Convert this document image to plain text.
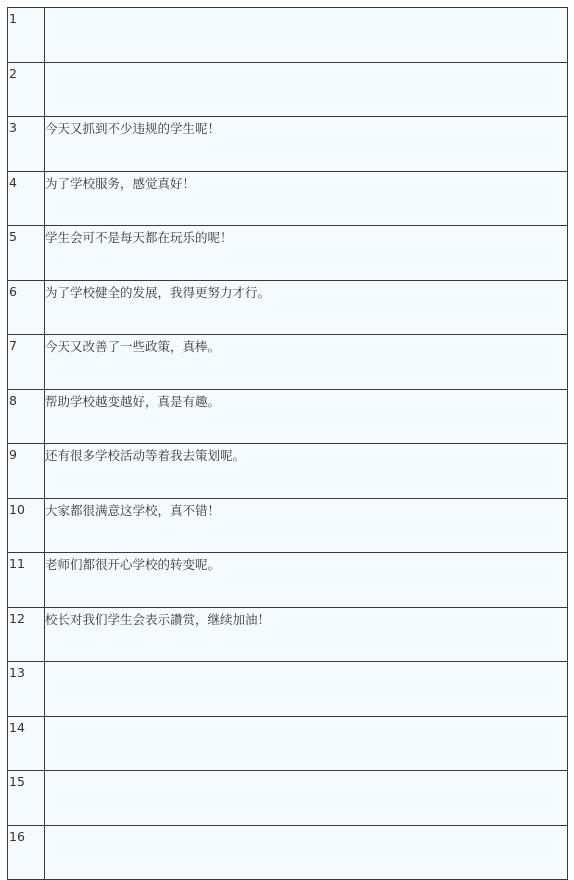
1	
2	
3	今天又抓到不少违规的学生呢！
4	为了学校服务，感觉真好！
5	学生会可不是每天都在玩乐的呢！
6	为了学校健全的发展，我得更努力才行。
7	今天又改善了一些政策，真棒。
8	帮助学校越变越好，真是有趣。
9	还有很多学校活动等着我去策划呢。
10	大家都很满意这学校，真不错！
11	老师们都很开心学校的转变呢。
12	校长对我们学生会表示讚赏，继续加油！
13	
14	
15	
16	
